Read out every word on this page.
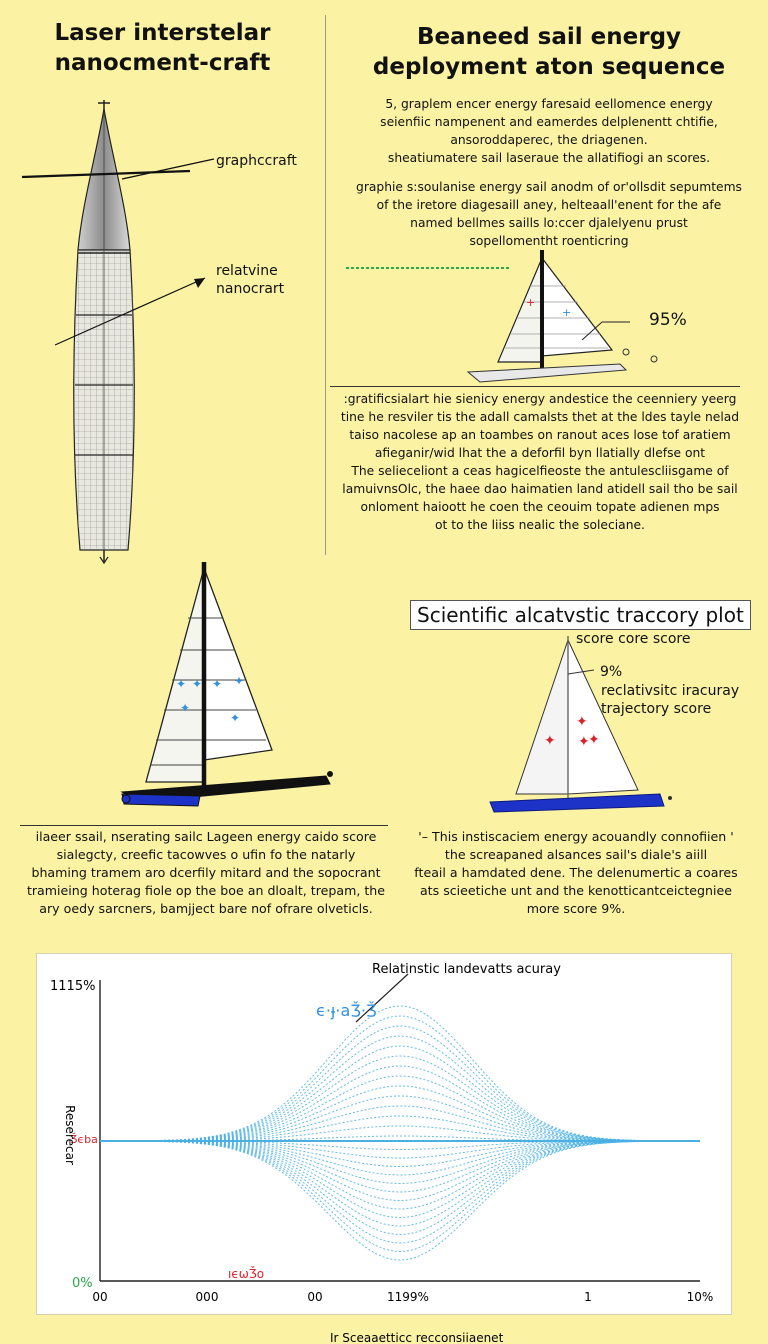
Laser interstelar
nanocment-craft
graphccraft
relatvine
nanocrart
Beaneed sail energy
deployment aton sequence
5, graplem encer energy faresaid eellomence energy
seienfiic nampenent and eamerdes delplenentt chtifie,
ansoroddaperec, the driagenen.
sheatiumatere sail laseraue the allatifiogi an scores.
graphie s:soulanise energy sail anodm of or'ollsdit sepumtems
of the iretore diagesaill aney, helteaall'enent for the afe
named bellmes saills lo:ccer djalelyenu prust
sopellomentht roenticring
+
+	95%
:gratificsialart hie sienicy energy andestice the ceenniery yeerg
tine he resviler tis the adall camalsts thet at the ldes tayle nelad
taiso nacolese ap an toambes on ranout aces lose tof aratiem
afieganir/wid lhat the a deforfil byn llatially dlefse ont
The selieceliont a ceas hagicelfieoste the antulescliisgame of
lamuivnsOlc, the haee dao haimatien land atidell sail tho be sail
onloment haioott he coen the ceouim topate adienen mps
ot to the liiss nealic the soleciane.
✦ ✦ ✦ ✦
✦
✦
Scientific alcatvstic traccory plot
✦
✦
✦
✦
score core score
9%
reclativsitc iracuray
trajectory score
ilaeer ssail, nserating sailc Lageen energy caido score
sialegcty, creefic tacowves o ufin fo the natarly
bhaming tramem aro dcerfily mitard and the sopocrant
tramieing hoterag fiole op the boe an dloalt, trepam, the
ary oedy sarcners, bamjject bare nof ofrare olveticls.
'– This instiscaciem energy acouandly connofiien '
the screapaned alsances sail's diale's aiill
fteail a hamdated dene. The delenumertic a coares
ats scieetiche unt and the kenotticantceictegniee
more score 9%.
Relatinstic landevatts acuray
ϵ·ɟ·aǮ·Ǯ
ıϵωǮo
1115%
Ǯϵba
0%
Reserecar
00	000	00	1199%	1	10%
Ir Sceaaetticc recconsiiaenet
